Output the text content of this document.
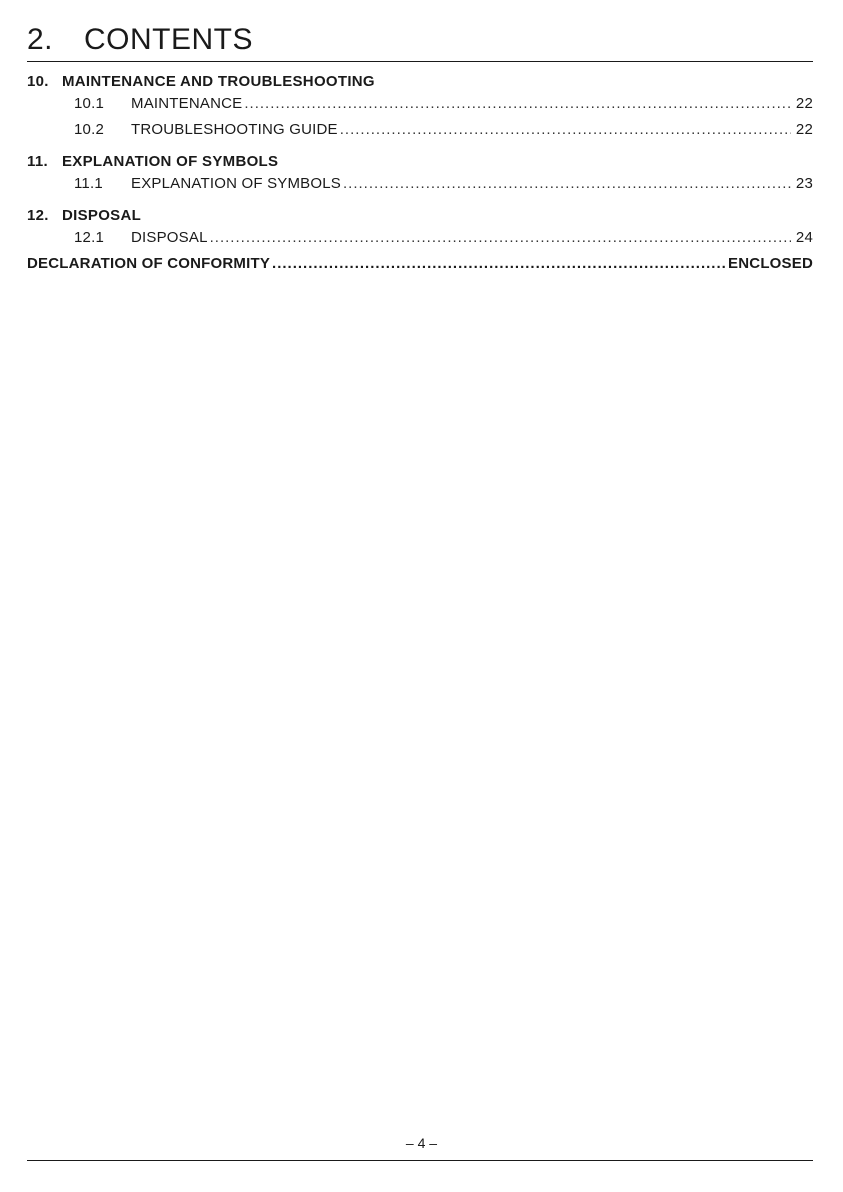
2. CONTENTS
10. MAINTENANCE AND TROUBLESHOOTING
10.1	MAINTENANCE .....	22
10.2	TROUBLESHOOTING GUIDE .....	22
11. EXPLANATION OF SYMBOLS
11.1	EXPLANATION OF SYMBOLS .....	23
12. DISPOSAL
12.1	DISPOSAL .....	24
DECLARATION OF CONFORMITY .....	ENCLOSED
– 4 –
